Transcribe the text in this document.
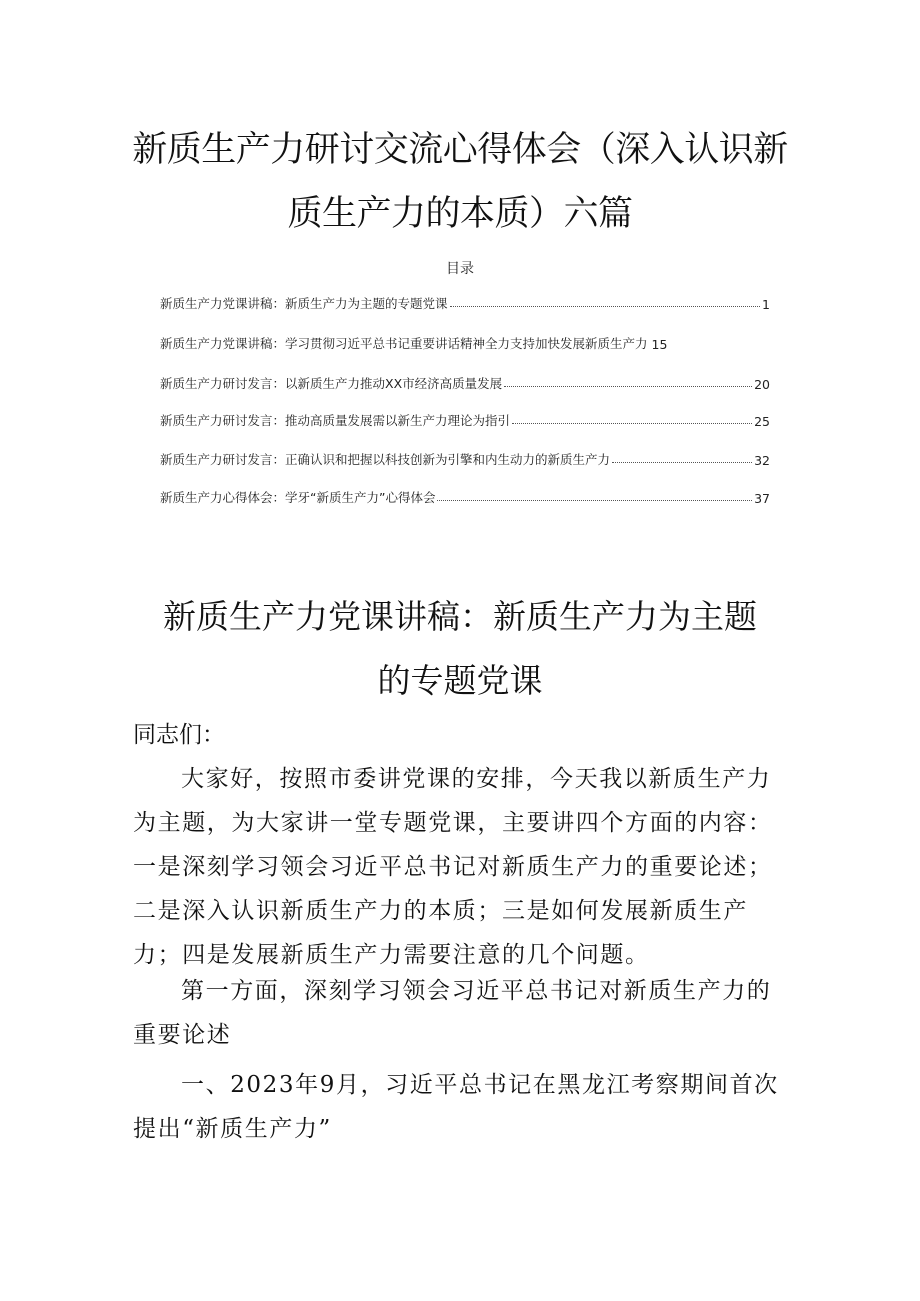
新质生产力研讨交流心得体会（深入认识新
质生产力的本质）六篇
目录
新质生产力党课讲稿：新质生产力为主题的专题党课	1
新质生产力党课讲稿：学习贯彻习近平总书记重要讲话精神全力支持加快发展新质生产力 15
新质生产力研讨发言：以新质生产力推动XX市经济高质量发展	20
新质生产力研讨发言：推动高质量发展需以新生产力理论为指引	25
新质生产力研讨发言：正确认识和把握以科技创新为引擎和内生动力的新质生产力	32
新质生产力心得体会：学牙“新质生产力”心得体会	37
新质生产力党课讲稿：新质生产力为主题
的专题党课

同志们：

大家好，按照市委讲党课的安排，今天我以新质生产力为主题，为大家讲一堂专题党课，主要讲四个方面的内容：一是深刻学习领会习近平总书记对新质生产力的重要论述；二是深入认识新质生产力的本质；三是如何发展新质生产力；四是发展新质生产力需要注意的几个问题。

第一方面，深刻学习领会习近平总书记对新质生产力的重要论述

一、2023年9月，习近平总书记在黑龙江考察期间首次提出“新质生产力”
